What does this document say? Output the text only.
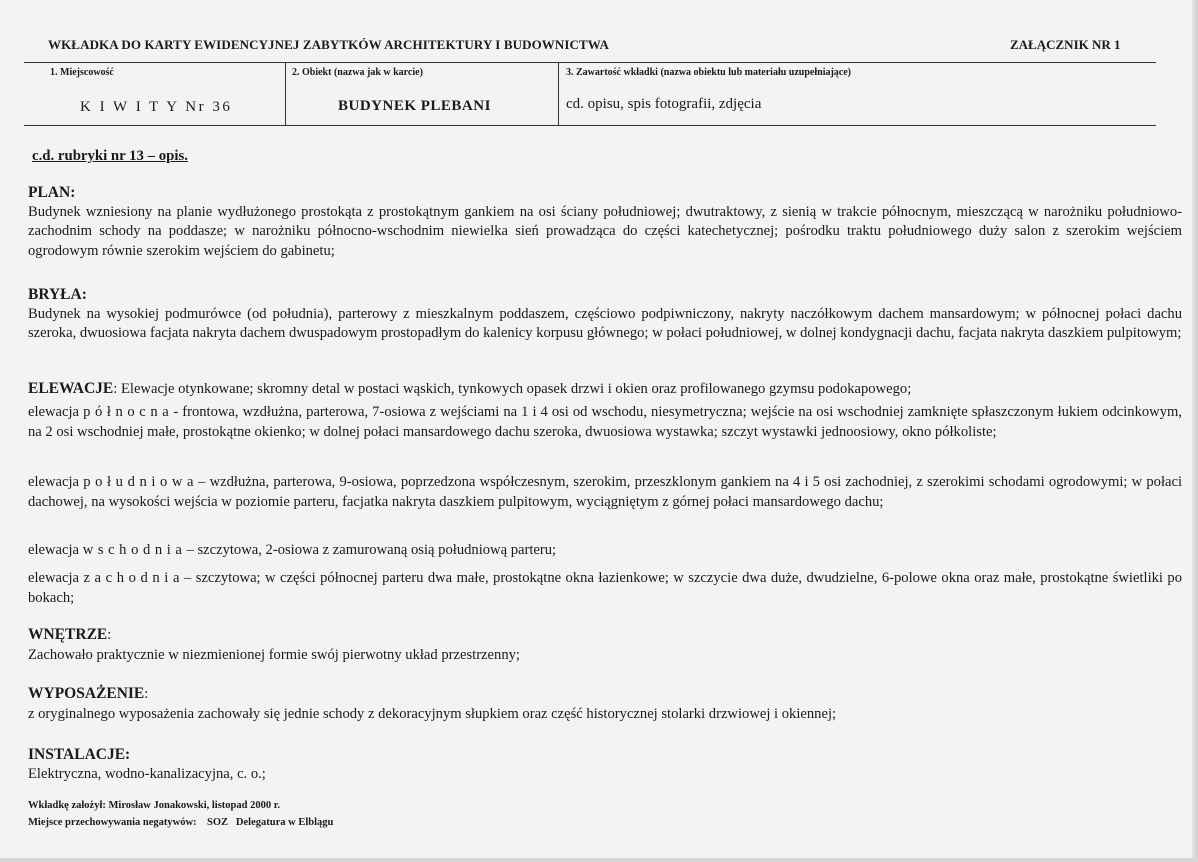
WKŁADKA DO KARTY EWIDENCYJNEJ ZABYTKÓW ARCHITEKTURY I BUDOWNICTWA	ZAŁĄCZNIK NR 1
1. Miejscowość
K I W I T Y Nr 36
2. Obiekt (nazwa jak w karcie)
BUDYNEK PLEBANI
3. Zawartość wkładki (nazwa obiektu lub materiału uzupełniające)
cd. opisu, spis fotografii, zdjęcia
c.d. rubryki nr 13 – opis.
PLAN:
Budynek wzniesiony na planie wydłużonego prostokąta z prostokątnym gankiem na osi ściany południowej; dwutraktowy, z sienią w trakcie północnym, mieszczącą w narożniku południowo-zachodnim schody na poddasze; w narożniku północno-wschodnim niewielka sień prowadząca do części katechetycznej; pośrodku traktu południowego duży salon z szerokim wejściem ogrodowym równie szerokim wejściem do gabinetu;
BRYŁA:
Budynek na wysokiej podmurówce (od południa), parterowy z mieszkalnym poddaszem, częściowo podpiwniczony, nakryty naczółkowym dachem mansardowym; w północnej połaci dachu szeroka, dwuosiowa facjata nakryta dachem dwuspadowym prostopadłym do kalenicy korpusu głównego; w połaci południowej, w dolnej kondygnacji dachu, facjata nakryta daszkiem pulpitowym;
ELEWACJE: Elewacje otynkowane; skromny detal w postaci wąskich, tynkowych opasek drzwi i okien oraz profilowanego gzymsu podokapowego;
elewacja północna- frontowa, wzdłużna, parterowa, 7-osiowa z wejściami na 1 i 4 osi od wschodu, niesymetryczna; wejście na osi wschodniej zamknięte spłaszczonym łukiem odcinkowym, na 2 osi wschodniej małe, prostokątne okienko; w dolnej połaci mansardowego dachu szeroka, dwuosiowa wystawka; szczyt wystawki jednoosiowy, okno półkoliste;
elewacja południowa– wzdłużna, parterowa, 9-osiowa, poprzedzona współczesnym, szerokim, przeszklonym gankiem na 4 i 5 osi zachodniej, z szerokimi schodami ogrodowymi; w połaci dachowej, na wysokości wejścia w poziomie parteru, facjatka nakryta daszkiem pulpitowym, wyciągniętym z górnej połaci mansardowego dachu;
elewacja wschodnia– szczytowa, 2-osiowa z zamurowaną osią południową parteru;
elewacja zachodnia– szczytowa; w części północnej parteru dwa małe, prostokątne okna łazienkowe; w szczycie dwa duże, dwudzielne, 6-polowe okna oraz małe, prostokątne świetliki po bokach;
WNĘTRZE:
Zachowało praktycznie w niezmienionej formie swój pierwotny układ przestrzenny;
WYPOSAŻENIE:
z oryginalnego wyposażenia zachowały się jednie schody z dekoracyjnym słupkiem oraz część historycznej stolarki drzwiowej i okiennej;
INSTALACJE:
Elektryczna, wodno-kanalizacyjna, c. o.;
Wkładkę założył: Mirosław Jonakowski, listopad 2000 r.
Miejsce przechowywania negatywów:    SOZ   Delegatura w Elblągu
